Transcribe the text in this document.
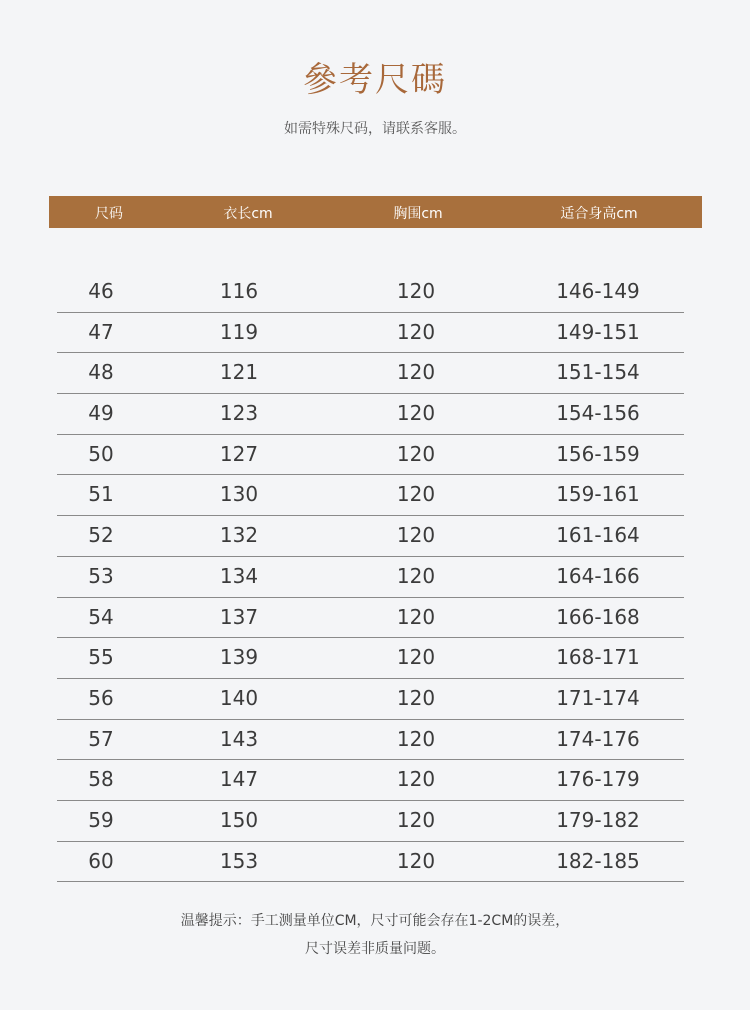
參考尺碼
如需特殊尺码，请联系客服。
尺码	衣长cm	胸围cm	适合身高cm
46	116	120	146-149
47	119	120	149-151
48	121	120	151-154
49	123	120	154-156
50	127	120	156-159
51	130	120	159-161
52	132	120	161-164
53	134	120	164-166
54	137	120	166-168
55	139	120	168-171
56	140	120	171-174
57	143	120	174-176
58	147	120	176-179
59	150	120	179-182
60	153	120	182-185
温馨提示：手工测量单位CM，尺寸可能会存在1-2CM的误差，
尺寸误差非质量问题。
